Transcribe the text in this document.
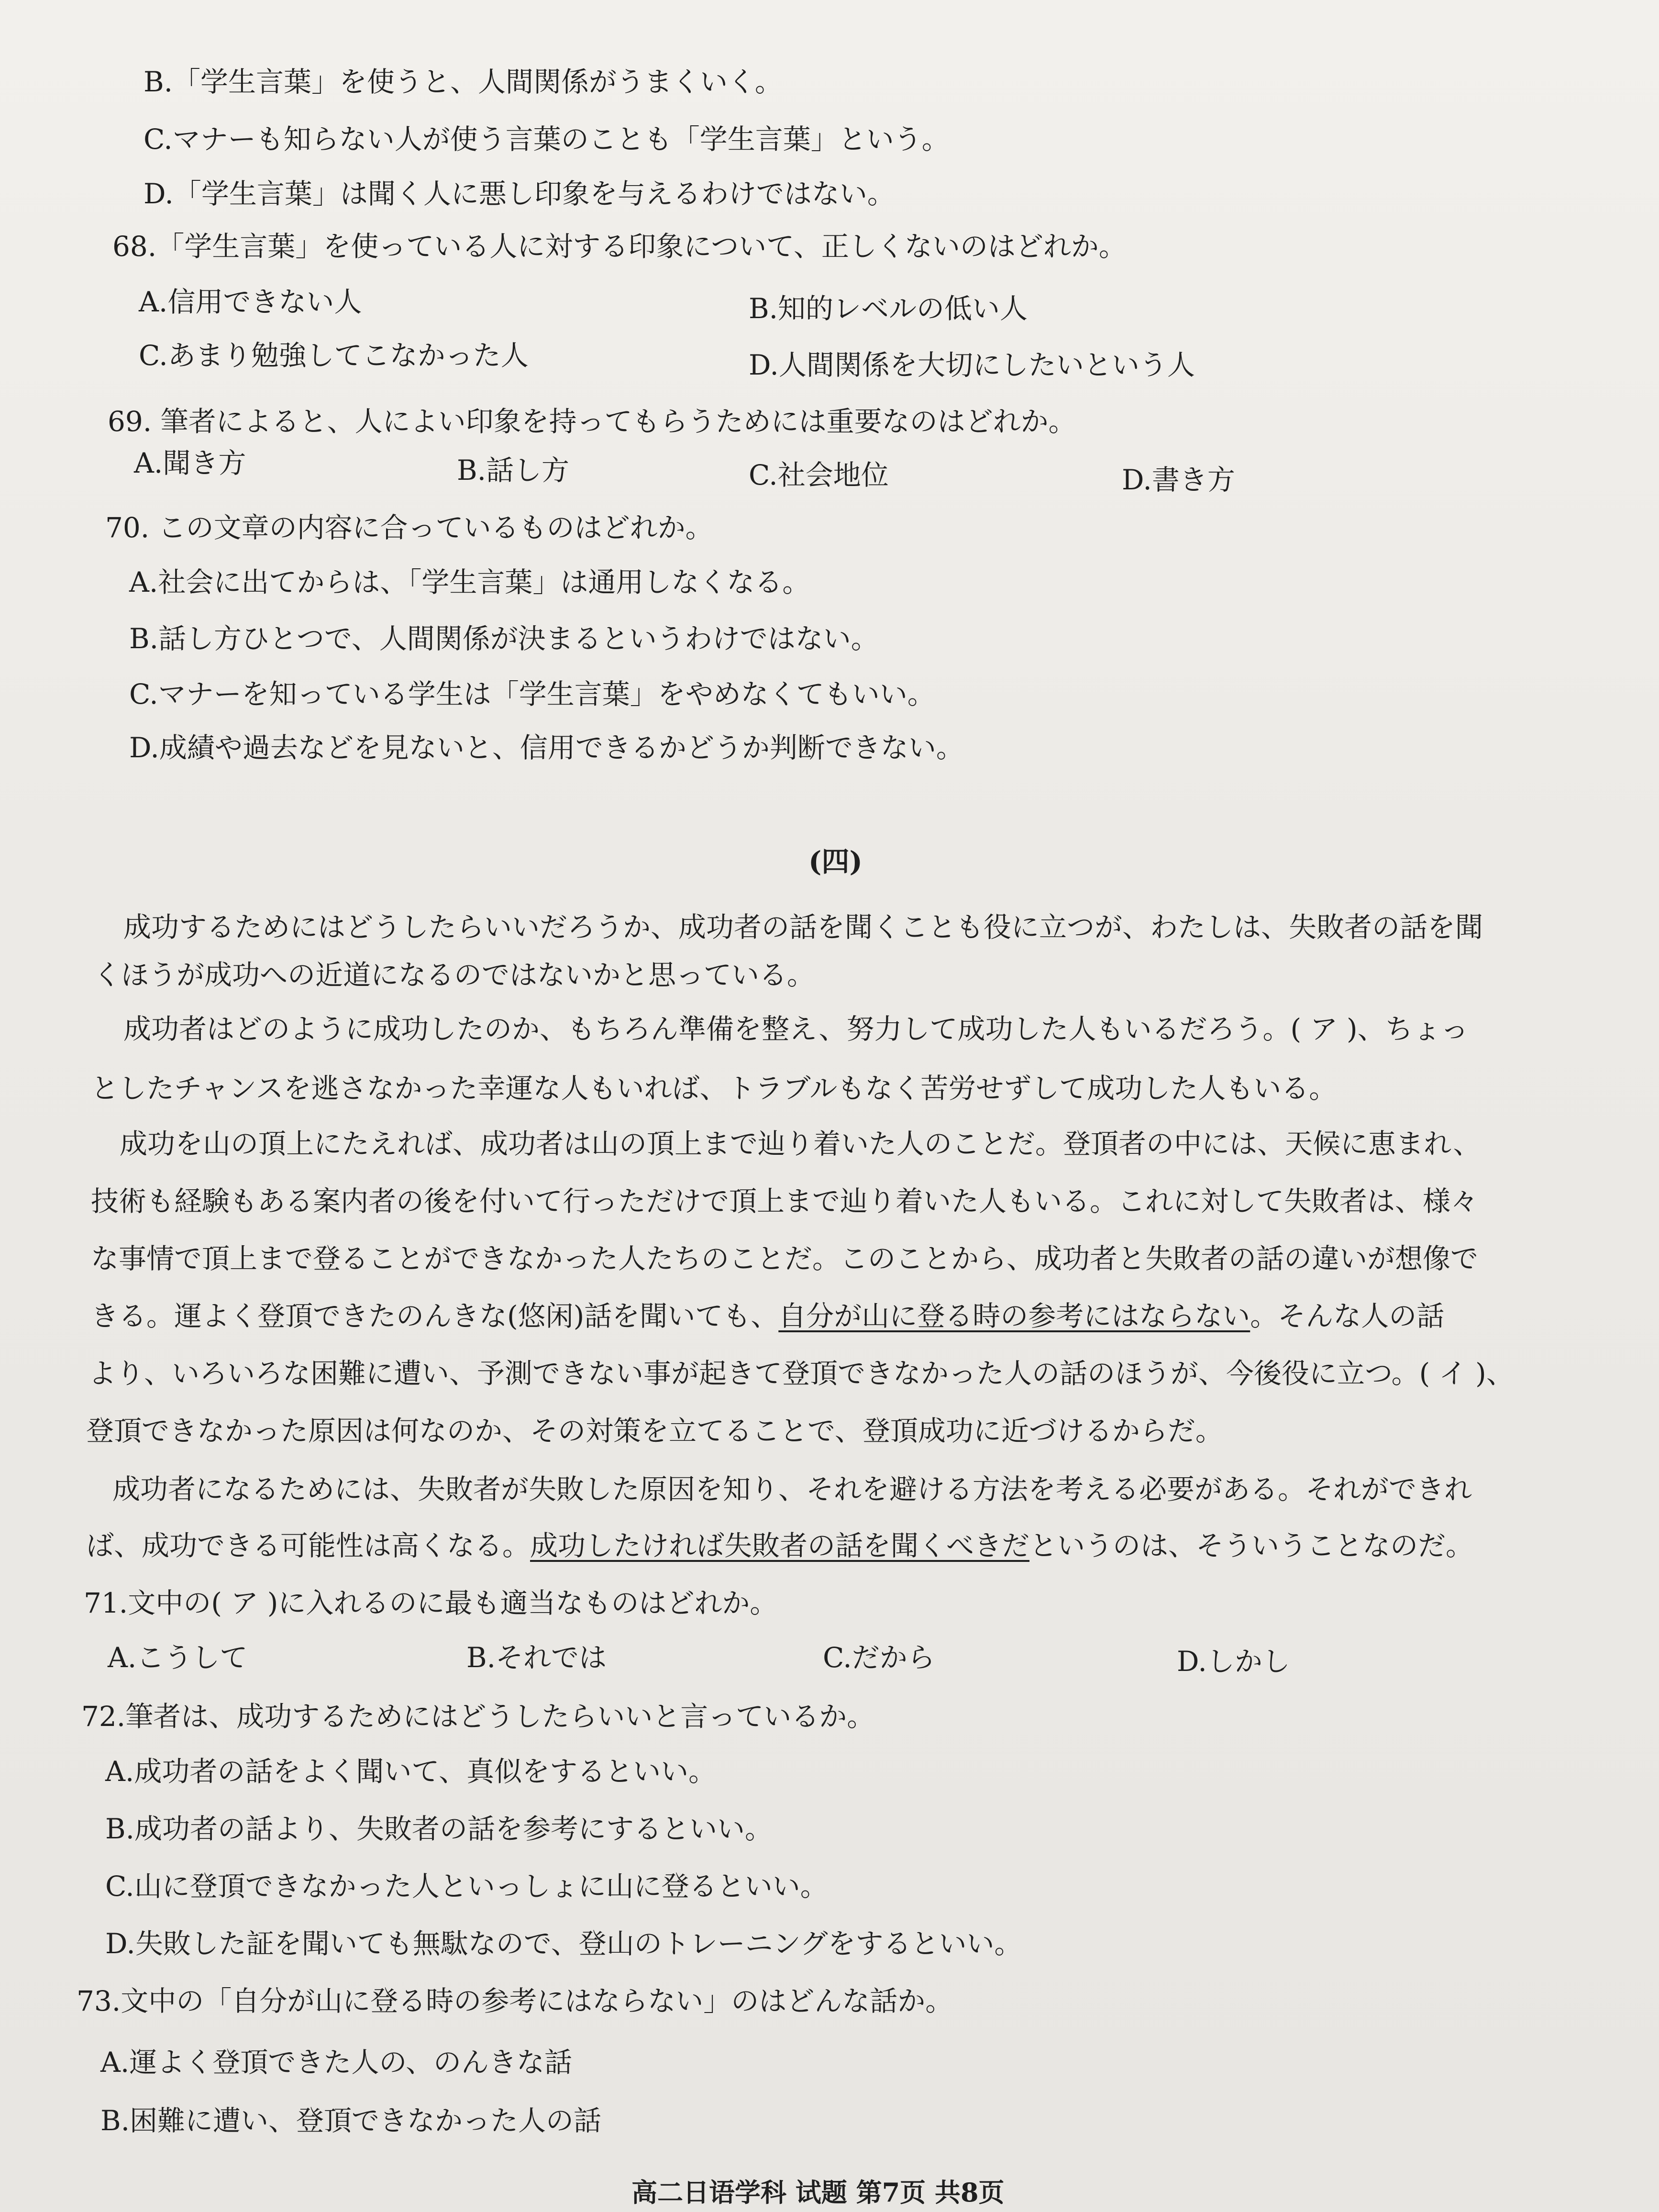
B.「学生言葉」を使うと、人間関係がうまくいく。
C.マナーも知らない人が使う言葉のことも「学生言葉」という。
D.「学生言葉」は聞く人に悪し印象を与えるわけではない。
68.「学生言葉」を使っている人に対する印象について、正しくないのはどれか。
A.信用できない人	B.知的レベルの低い人
C.あまり勉強してこなかった人	D.人間関係を大切にしたいという人
69. 筆者によると、人によい印象を持ってもらうためには重要なのはどれか。
A.聞き方	B.話し方	C.社会地位	D.書き方
70. この文章の内容に合っているものはどれか。
A.社会に出てからは、「学生言葉」は通用しなくなる。
B.話し方ひとつで、人間関係が決まるというわけではない。
C.マナーを知っている学生は「学生言葉」をやめなくてもいい。
D.成績や過去などを見ないと、信用できるかどうか判断できない。
(四)
成功するためにはどうしたらいいだろうか、成功者の話を聞くことも役に立つが、わたしは、失敗者の話を聞
くほうが成功への近道になるのではないかと思っている。
成功者はどのように成功したのか、もちろん準備を整え、努力して成功した人もいるだろう。( ア )、ちょっ
としたチャンスを逃さなかった幸運な人もいれば、トラブルもなく苦労せずして成功した人もいる。
成功を山の頂上にたえれば、成功者は山の頂上まで辿り着いた人のことだ。登頂者の中には、天候に恵まれ、
技術も経験もある案内者の後を付いて行っただけで頂上まで辿り着いた人もいる。これに対して失敗者は、様々
な事情で頂上まで登ることができなかった人たちのことだ。このことから、成功者と失敗者の話の違いが想像で
きる。運よく登頂できたのんきな(悠闲)話を聞いても、自分が山に登る時の参考にはならない。そんな人の話
より、いろいろな困難に遭い、予測できない事が起きて登頂できなかった人の話のほうが、今後役に立つ。( イ )、
登頂できなかった原因は何なのか、その対策を立てることで、登頂成功に近づけるからだ。
成功者になるためには、失敗者が失敗した原因を知り、それを避ける方法を考える必要がある。それができれ
ば、成功できる可能性は高くなる。成功したければ失敗者の話を聞くべきだというのは、そういうことなのだ。
71.文中の( ア )に入れるのに最も適当なものはどれか。
A.こうして	B.それでは	C.だから	D.しかし
72.筆者は、成功するためにはどうしたらいいと言っているか。
A.成功者の話をよく聞いて、真似をするといい。
B.成功者の話より、失敗者の話を参考にするといい。
C.山に登頂できなかった人といっしょに山に登るといい。
D.失敗した証を聞いても無駄なので、登山のトレーニングをするといい。
73.文中の「自分が山に登る時の参考にはならない」のはどんな話か。
A.運よく登頂できた人の、のんきな話
B.困難に遭い、登頂できなかった人の話
高二日语学科 试题 第7页 共8页
